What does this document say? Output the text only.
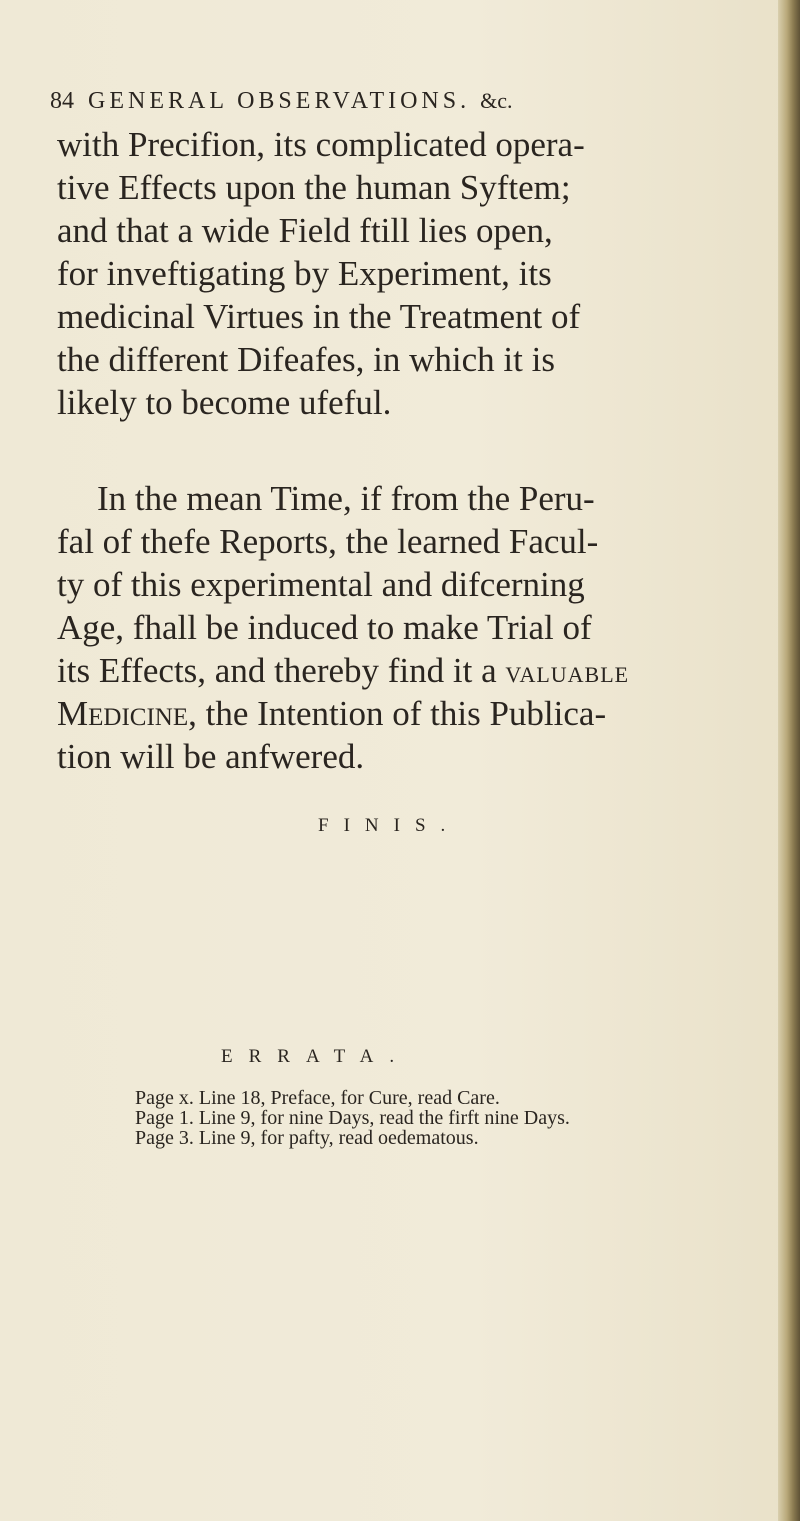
84 GENERAL OBSERVATIONS. &c.
with Precifion, its complicated opera-
tive Effects upon the human Syftem;
and that a wide Field ftill lies open,
for inveftigating by Experiment, its
medicinal Virtues in the Treatment of
the different Difeafes, in which it is
likely to become ufeful.
In the mean Time, if from the Peru-
fal of thefe Reports, the learned Facul-
ty of this experimental and difcerning
Age, fhall be induced to make Trial of
its Effects, and thereby find it a VALUABLE
Medicine, the Intention of this Publica-
tion will be anfwered.
FINIS.
ERRATA.
Page x. Line 18, Preface, for Cure, read Care.
Page 1. Line 9, for nine Days, read the firft nine Days.
Page 3. Line 9, for pafty, read oedematous.
